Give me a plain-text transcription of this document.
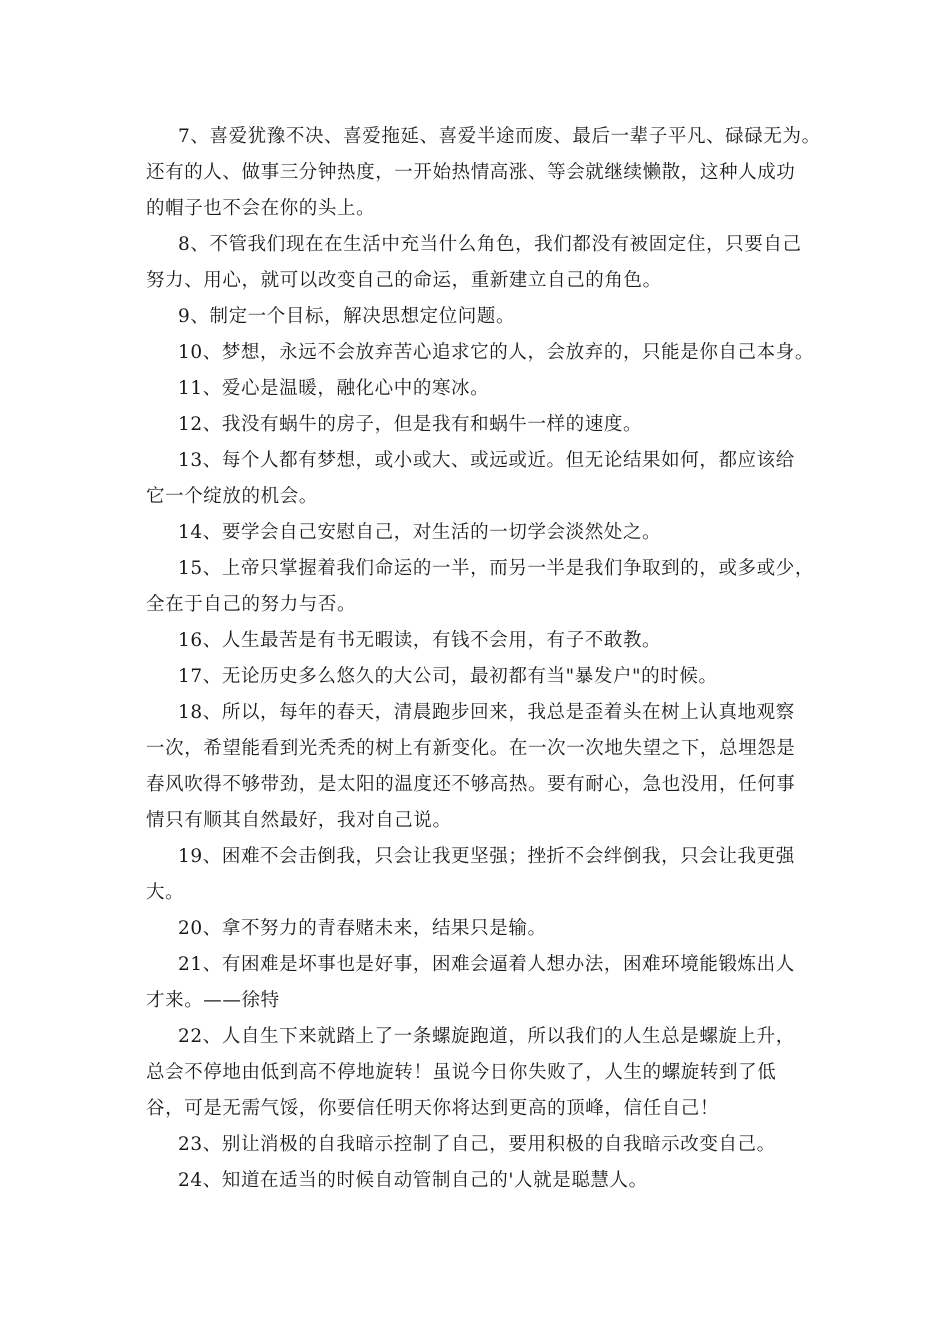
7、喜爱犹豫不决、喜爱拖延、喜爱半途而废、最后一辈子平凡、碌碌无为。
还有的人、做事三分钟热度，一开始热情高涨、等会就继续懒散，这种人成功
的帽子也不会在你的头上。
8、不管我们现在在生活中充当什么角色，我们都没有被固定住，只要自己
努力、用心，就可以改变自己的命运，重新建立自己的角色。
9、制定一个目标，解决思想定位问题。
10、梦想，永远不会放弃苦心追求它的人，会放弃的，只能是你自己本身。
11、爱心是温暖，融化心中的寒冰。
12、我没有蜗牛的房子，但是我有和蜗牛一样的速度。
13、每个人都有梦想，或小或大、或远或近。但无论结果如何，都应该给
它一个绽放的机会。
14、要学会自己安慰自己，对生活的一切学会淡然处之。
15、上帝只掌握着我们命运的一半，而另一半是我们争取到的，或多或少，
全在于自己的努力与否。
16、人生最苦是有书无暇读，有钱不会用，有子不敢教。
17、无论历史多么悠久的大公司，最初都有当"暴发户"的时候。
18、所以，每年的春天，清晨跑步回来，我总是歪着头在树上认真地观察
一次，希望能看到光秃秃的树上有新变化。在一次一次地失望之下，总埋怨是
春风吹得不够带劲，是太阳的温度还不够高热。要有耐心，急也没用，任何事
情只有顺其自然最好，我对自己说。
19、困难不会击倒我，只会让我更坚强；挫折不会绊倒我，只会让我更强
大。
20、拿不努力的青春赌未来，结果只是输。
21、有困难是坏事也是好事，困难会逼着人想办法，困难环境能锻炼出人
才来。——徐特
22、人自生下来就踏上了一条螺旋跑道，所以我们的人生总是螺旋上升，
总会不停地由低到高不停地旋转！虽说今日你失败了，人生的螺旋转到了低
谷，可是无需气馁，你要信任明天你将达到更高的顶峰，信任自己！
23、别让消极的自我暗示控制了自己，要用积极的自我暗示改变自己。
24、知道在适当的时候自动管制自己的'人就是聪慧人。
